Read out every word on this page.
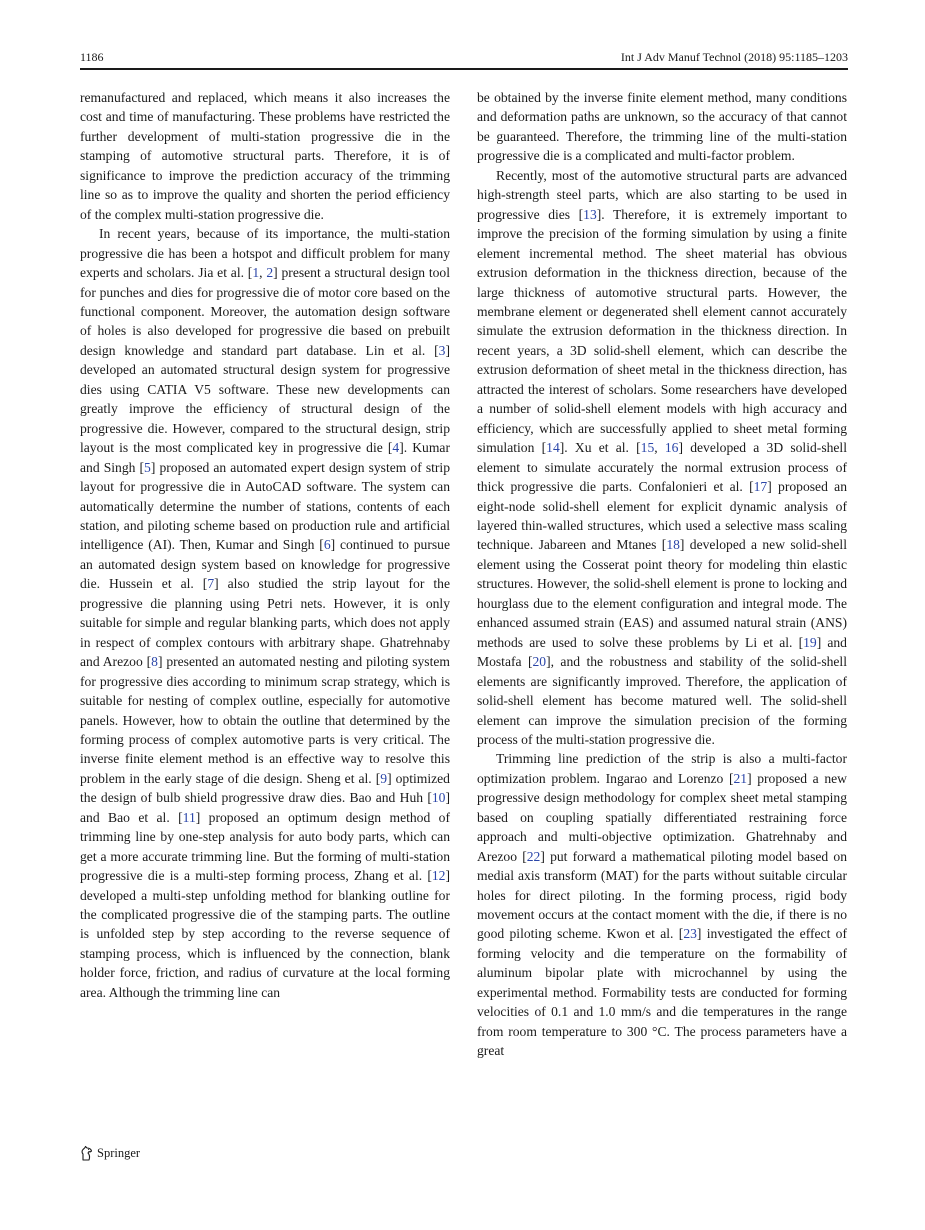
1186	Int J Adv Manuf Technol (2018) 95:1185–1203

remanufactured and replaced, which means it also increases the cost and time of manufacturing. These problems have restricted the further development of multi-station progressive die in the stamping of automotive structural parts. Therefore, it is of significance to improve the prediction accuracy of the trimming line so as to improve the quality and shorten the period efficiency of the complex multi-station progressive die.

In recent years, because of its importance, the multi-station progressive die has been a hotspot and difficult problem for many experts and scholars. Jia et al. [1, 2] present a structural design tool for punches and dies for progressive die of motor core based on the functional component. Moreover, the automation design software of holes is also developed for progressive die based on prebuilt design knowledge and standard part database. Lin et al. [3] developed an automated structural design system for progressive dies using CATIA V5 software. These new developments can greatly improve the efficiency of structural design of the progressive die. However, compared to the structural design, strip layout is the most complicated key in progressive die [4]. Kumar and Singh [5] proposed an automated expert design system of strip layout for progressive die in AutoCAD software. The system can automatically determine the number of stations, contents of each station, and piloting scheme based on production rule and artificial intelligence (AI). Then, Kumar and Singh [6] continued to pursue an automated design system based on knowledge for progressive die. Hussein et al. [7] also studied the strip layout for the progressive die planning using Petri nets. However, it is only suitable for simple and regular blanking parts, which does not apply in respect of complex contours with arbitrary shape. Ghatrehnaby and Arezoo [8] presented an automated nesting and piloting system for progressive dies according to minimum scrap strategy, which is suitable for nesting of complex outline, especially for automotive panels. However, how to obtain the outline that determined by the forming process of complex automotive parts is very critical. The inverse finite element method is an effective way to resolve this problem in the early stage of die design. Sheng et al. [9] optimized the design of bulb shield progressive draw dies. Bao and Huh [10] and Bao et al. [11] proposed an optimum design method of trimming line by one-step analysis for auto body parts, which can get a more accurate trimming line. But the forming of multi-station progressive die is a multi-step forming process, Zhang et al. [12] developed a multi-step unfolding method for blanking outline for the complicated progressive die of the stamping parts. The outline is unfolded step by step according to the reverse sequence of stamping process, which is influenced by the connection, blank holder force, friction, and radius of curvature at the local forming area. Although the trimming line can

be obtained by the inverse finite element method, many conditions and deformation paths are unknown, so the accuracy of that cannot be guaranteed. Therefore, the trimming line of the multi-station progressive die is a complicated and multi-factor problem.

Recently, most of the automotive structural parts are advanced high-strength steel parts, which are also starting to be used in progressive dies [13]. Therefore, it is extremely important to improve the precision of the forming simulation by using a finite element incremental method. The sheet material has obvious extrusion deformation in the thickness direction, because of the large thickness of automotive structural parts. However, the membrane element or degenerated shell element cannot accurately simulate the extrusion deformation in the thickness direction. In recent years, a 3D solid-shell element, which can describe the extrusion deformation of sheet metal in the thickness direction, has attracted the interest of scholars. Some researchers have developed a number of solid-shell element models with high accuracy and efficiency, which are successfully applied to sheet metal forming simulation [14]. Xu et al. [15, 16] developed a 3D solid-shell element to simulate accurately the normal extrusion process of thick progressive die parts. Confalonieri et al. [17] proposed an eight-node solid-shell element for explicit dynamic analysis of layered thin-walled structures, which used a selective mass scaling technique. Jabareen and Mtanes [18] developed a new solid-shell element using the Cosserat point theory for modeling thin elastic structures. However, the solid-shell element is prone to locking and hourglass due to the element configuration and integral mode. The enhanced assumed strain (EAS) and assumed natural strain (ANS) methods are used to solve these problems by Li et al. [19] and Mostafa [20], and the robustness and stability of the solid-shell elements are significantly improved. Therefore, the application of solid-shell element has become matured well. The solid-shell element can improve the simulation precision of the forming process of the multi-station progressive die.

Trimming line prediction of the strip is also a multi-factor optimization problem. Ingarao and Lorenzo [21] proposed a new progressive design methodology for complex sheet metal stamping based on coupling spatially differentiated restraining force approach and multi-objective optimization. Ghatrehnaby and Arezoo [22] put forward a mathematical piloting model based on medial axis transform (MAT) for the parts without suitable circular holes for direct piloting. In the forming process, rigid body movement occurs at the contact moment with the die, if there is no good piloting scheme. Kwon et al. [23] investigated the effect of forming velocity and die temperature on the formability of aluminum bipolar plate with microchannel by using the experimental method. Formability tests are conducted for forming velocities of 0.1 and 1.0 mm/s and die temperatures in the range from room temperature to 300 °C. The process parameters have a great

Springer
